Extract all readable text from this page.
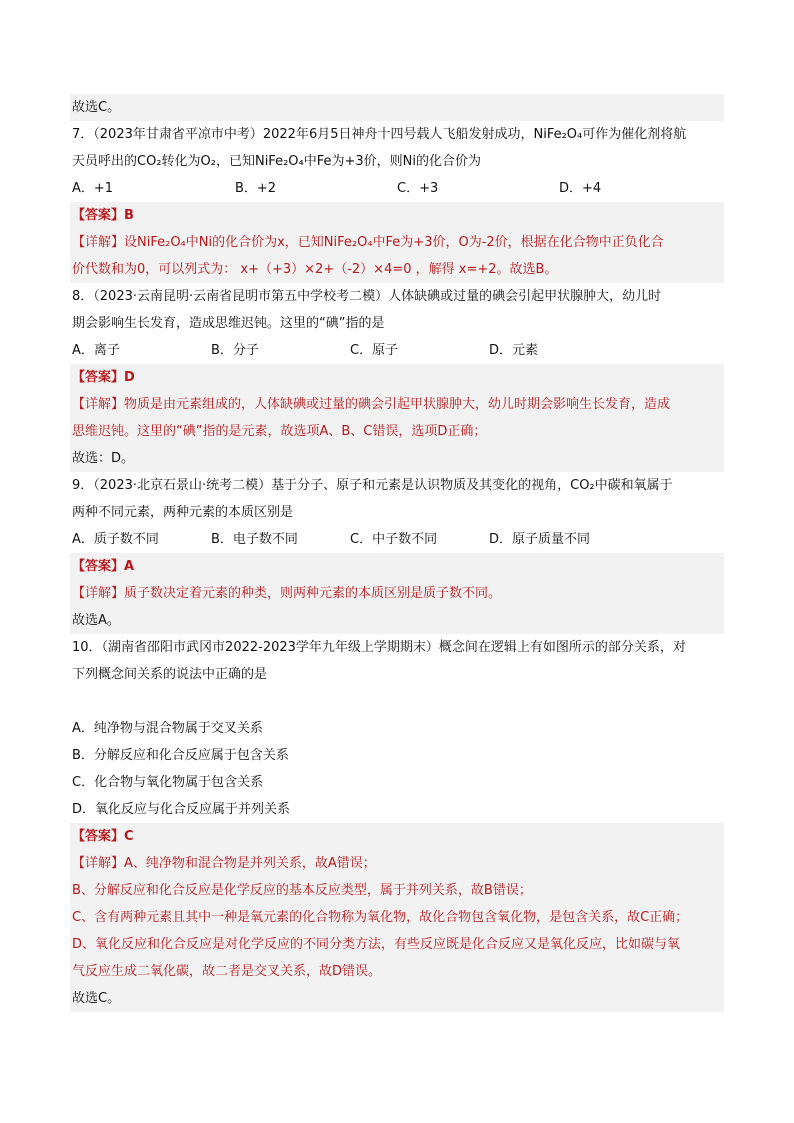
故选C。
7．（2023年甘肃省平凉市中考）2022年6月5日神舟十四号载人飞船发射成功，NiFe₂O₄可作为催化剂将航
天员呼出的CO₂转化为O₂，已知NiFe₂O₄中Fe为+3价，则Ni的化合价为
A．+1	B．+2	C．+3	D．+4
【答案】B
【详解】设NiFe₂O₄中Ni的化合价为x，已知NiFe₂O₄中Fe为+3价，O为-2价，根据在化合物中正负化合
价代数和为0，可以列式为： x+（+3）×2+（-2）×4=0 ，解得 x=+2。故选B。
8．（2023·云南昆明·云南省昆明市第五中学校考二模）人体缺碘或过量的碘会引起甲状腺肿大，幼儿时
期会影响生长发育，造成思维迟钝。这里的“碘”指的是
A．离子	B．分子	C．原子	D．元素
【答案】D
【详解】物质是由元素组成的，人体缺碘或过量的碘会引起甲状腺肿大，幼儿时期会影响生长发育，造成
思维迟钝。这里的“碘”指的是元素，故选项A、B、C错误，选项D正确；
故选：D。
9．（2023·北京石景山·统考二模）基于分子、原子和元素是认识物质及其变化的视角，CO₂中碳和氧属于
两种不同元素，两种元素的本质区别是
A．质子数不同	B．电子数不同	C．中子数不同	D．原子质量不同
【答案】A
【详解】质子数决定着元素的种类，则两种元素的本质区别是质子数不同。
故选A。
10．（湖南省邵阳市武冈市2022-2023学年九年级上学期期末）概念间在逻辑上有如图所示的部分关系，对
下列概念间关系的说法中正确的是
A．纯净物与混合物属于交叉关系
B．分解反应和化合反应属于包含关系
C．化合物与氧化物属于包含关系
D．氧化反应与化合反应属于并列关系
【答案】C
【详解】A、纯净物和混合物是并列关系，故A错误；
B、分解反应和化合反应是化学反应的基本反应类型，属于并列关系，故B错误；
C、含有两种元素且其中一种是氧元素的化合物称为氧化物，故化合物包含氧化物，是包含关系，故C正确；
D、氧化反应和化合反应是对化学反应的不同分类方法，有些反应既是化合反应又是氧化反应，比如碳与氧
气反应生成二氧化碳，故二者是交叉关系，故D错误。
故选C。
